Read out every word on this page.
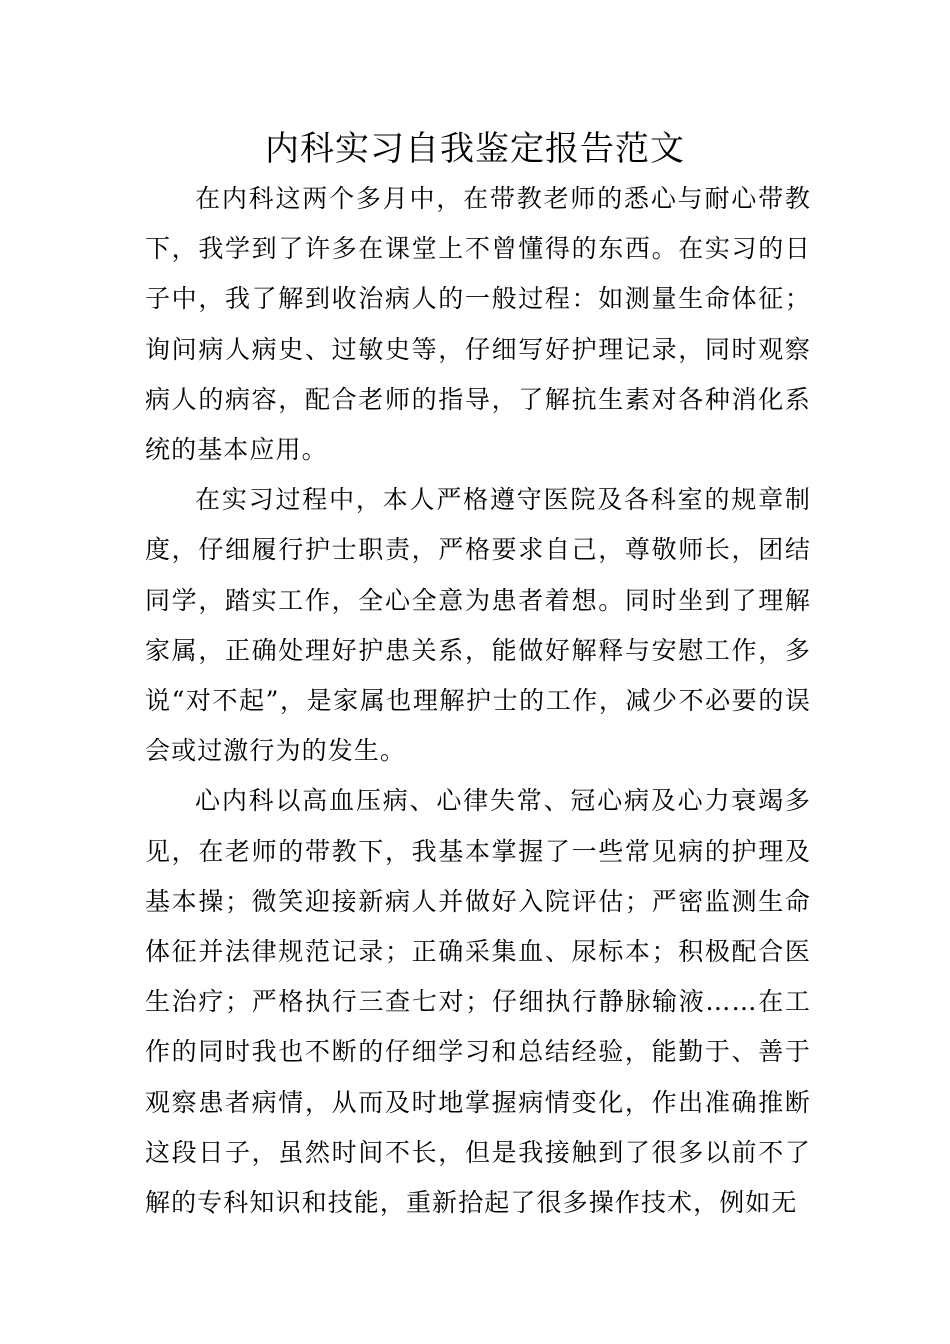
内科实习自我鉴定报告范文

在内科这两个多月中，在带教老师的悉心与耐心带教下，我学到了许多在课堂上不曾懂得的东西。在实习的日子中，我了解到收治病人的一般过程：如测量生命体征；询问病人病史、过敏史等，仔细写好护理记录，同时观察病人的病容，配合老师的指导，了解抗生素对各种消化系统的基本应用。

在实习过程中，本人严格遵守医院及各科室的规章制度，仔细履行护士职责，严格要求自己，尊敬师长，团结同学，踏实工作，全心全意为患者着想。同时坐到了理解家属，正确处理好护患关系，能做好解释与安慰工作，多说“对不起”，是家属也理解护士的工作，减少不必要的误会或过激行为的发生。

心内科以高血压病、心律失常、冠心病及心力衰竭多见，在老师的带教下，我基本掌握了一些常见病的护理及基本操；微笑迎接新病人并做好入院评估；严密监测生命体征并法律规范记录；正确采集血、尿标本；积极配合医生治疗；严格执行三查七对；仔细执行静脉输液……在工作的同时我也不断的仔细学习和总结经验，能勤于、善于观察患者病情，从而及时地掌握病情变化，作出准确推断这段日子，虽然时间不长，但是我接触到了很多以前不了解的专科知识和技能，重新拾起了很多操作技术，例如无
